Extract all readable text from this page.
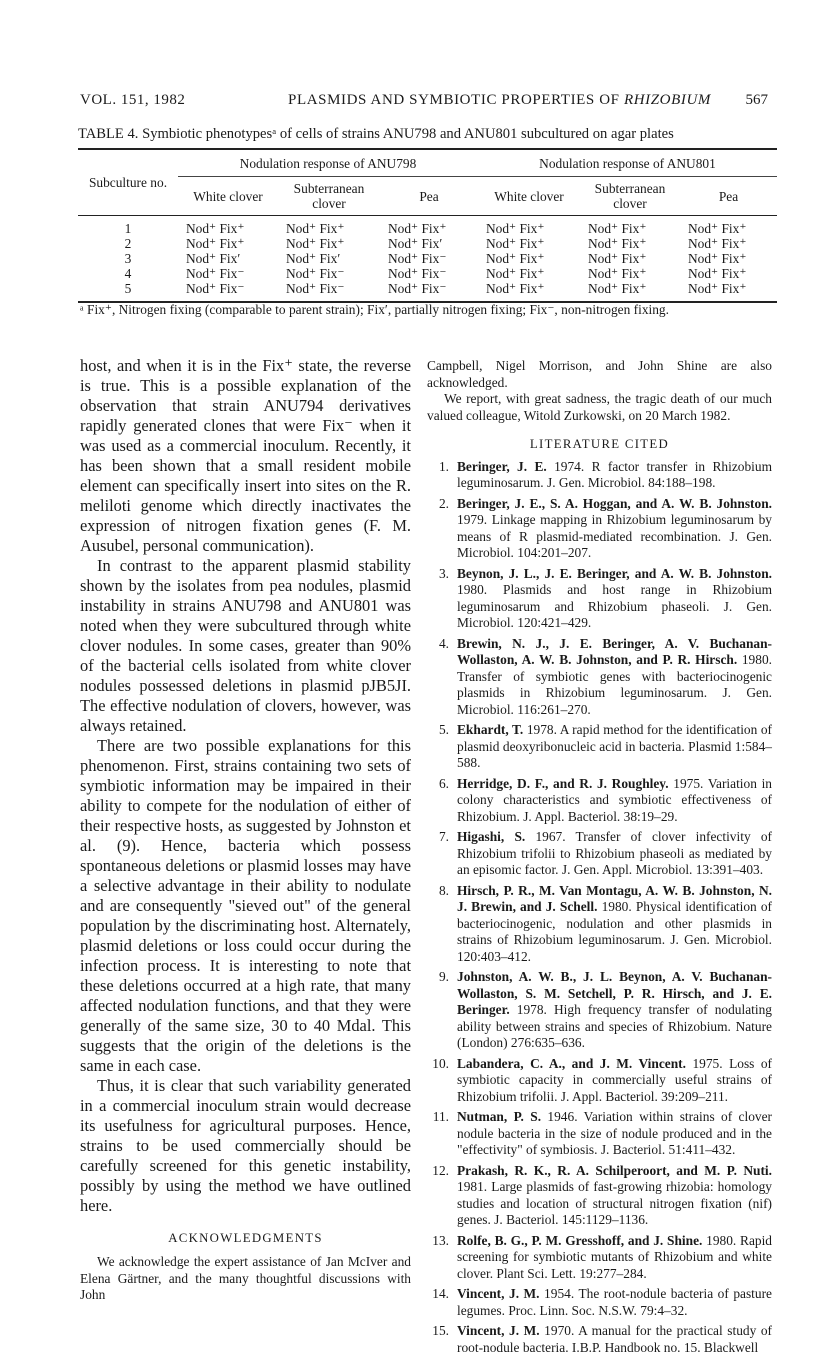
VOL. 151, 1982	PLASMIDS AND SYMBIOTIC PROPERTIES OF RHIZOBIUM 567
TABLE 4. Symbiotic phenotypesᵃ of cells of strains ANU798 and ANU801 subcultured on agar plates
Subculture no.	Nodulation response of ANU798			Nodulation response of ANU801		
	White clover	Subterranean clover	Pea	White clover	Subterranean clover	Pea
1	Nod⁺ Fix⁺	Nod⁺ Fix⁺	Nod⁺ Fix⁺	Nod⁺ Fix⁺	Nod⁺ Fix⁺	Nod⁺ Fix⁺
2	Nod⁺ Fix⁺	Nod⁺ Fix⁺	Nod⁺ Fix′	Nod⁺ Fix⁺	Nod⁺ Fix⁺	Nod⁺ Fix⁺
3	Nod⁺ Fix′	Nod⁺ Fix′	Nod⁺ Fix⁻	Nod⁺ Fix⁺	Nod⁺ Fix⁺	Nod⁺ Fix⁺
4	Nod⁺ Fix⁻	Nod⁺ Fix⁻	Nod⁺ Fix⁻	Nod⁺ Fix⁺	Nod⁺ Fix⁺	Nod⁺ Fix⁺
5	Nod⁺ Fix⁻	Nod⁺ Fix⁻	Nod⁺ Fix⁻	Nod⁺ Fix⁺	Nod⁺ Fix⁺	Nod⁺ Fix⁺
ᵃ Fix⁺, Nitrogen fixing (comparable to parent strain); Fix′, partially nitrogen fixing; Fix⁻, non-nitrogen fixing.

host, and when it is in the Fix⁺ state, the reverse is true. This is a possible explanation of the observation that strain ANU794 derivatives rapidly generated clones that were Fix⁻ when it was used as a commercial inoculum. Recently, it has been shown that a small resident mobile element can specifically insert into sites on the R. meliloti genome which directly inactivates the expression of nitrogen fixation genes (F. M. Ausubel, personal communication).

In contrast to the apparent plasmid stability shown by the isolates from pea nodules, plasmid instability in strains ANU798 and ANU801 was noted when they were subcultured through white clover nodules. In some cases, greater than 90% of the bacterial cells isolated from white clover nodules possessed deletions in plasmid pJB5JI. The effective nodulation of clovers, however, was always retained.

There are two possible explanations for this phenomenon. First, strains containing two sets of symbiotic information may be impaired in their ability to compete for the nodulation of either of their respective hosts, as suggested by Johnston et al. (9). Hence, bacteria which possess spontaneous deletions or plasmid losses may have a selective advantage in their ability to nodulate and are consequently "sieved out" of the general population by the discriminating host. Alternately, plasmid deletions or loss could occur during the infection process. It is interesting to note that these deletions occurred at a high rate, that many affected nodulation functions, and that they were generally of the same size, 30 to 40 Mdal. This suggests that the origin of the deletions is the same in each case.

Thus, it is clear that such variability generated in a commercial inoculum strain would decrease its usefulness for agricultural purposes. Hence, strains to be used commercially should be carefully screened for this genetic instability, possibly by using the method we have outlined here.

ACKNOWLEDGMENTS

We acknowledge the expert assistance of Jan McIver and Elena Gärtner, and the many thoughtful discussions with John

Campbell, Nigel Morrison, and John Shine are also acknowledged.

We report, with great sadness, the tragic death of our much valued colleague, Witold Zurkowski, on 20 March 1982.

LITERATURE CITED
1. Beringer, J. E. 1974. R factor transfer in Rhizobium leguminosarum. J. Gen. Microbiol. 84:188–198.
2. Beringer, J. E., S. A. Hoggan, and A. W. B. Johnston. 1979. Linkage mapping in Rhizobium leguminosarum by means of R plasmid-mediated recombination. J. Gen. Microbiol. 104:201–207.
3. Beynon, J. L., J. E. Beringer, and A. W. B. Johnston. 1980. Plasmids and host range in Rhizobium leguminosarum and Rhizobium phaseoli. J. Gen. Microbiol. 120:421–429.
4. Brewin, N. J., J. E. Beringer, A. V. Buchanan-Wollaston, A. W. B. Johnston, and P. R. Hirsch. 1980. Transfer of symbiotic genes with bacteriocinogenic plasmids in Rhizobium leguminosarum. J. Gen. Microbiol. 116:261–270.
5. Ekhardt, T. 1978. A rapid method for the identification of plasmid deoxyribonucleic acid in bacteria. Plasmid 1:584–588.
6. Herridge, D. F., and R. J. Roughley. 1975. Variation in colony characteristics and symbiotic effectiveness of Rhizobium. J. Appl. Bacteriol. 38:19–29.
7. Higashi, S. 1967. Transfer of clover infectivity of Rhizobium trifolii to Rhizobium phaseoli as mediated by an episomic factor. J. Gen. Appl. Microbiol. 13:391–403.
8. Hirsch, P. R., M. Van Montagu, A. W. B. Johnston, N. J. Brewin, and J. Schell. 1980. Physical identification of bacteriocinogenic, nodulation and other plasmids in strains of Rhizobium leguminosarum. J. Gen. Microbiol. 120:403–412.
9. Johnston, A. W. B., J. L. Beynon, A. V. Buchanan-Wollaston, S. M. Setchell, P. R. Hirsch, and J. E. Beringer. 1978. High frequency transfer of nodulating ability between strains and species of Rhizobium. Nature (London) 276:635–636.
10. Labandera, C. A., and J. M. Vincent. 1975. Loss of symbiotic capacity in commercially useful strains of Rhizobium trifolii. J. Appl. Bacteriol. 39:209–211.
11. Nutman, P. S. 1946. Variation within strains of clover nodule bacteria in the size of nodule produced and in the "effectivity" of symbiosis. J. Bacteriol. 51:411–432.
12. Prakash, R. K., R. A. Schilperoort, and M. P. Nuti. 1981. Large plasmids of fast-growing rhizobia: homology studies and location of structural nitrogen fixation (nif) genes. J. Bacteriol. 145:1129–1136.
13. Rolfe, B. G., P. M. Gresshoff, and J. Shine. 1980. Rapid screening for symbiotic mutants of Rhizobium and white clover. Plant Sci. Lett. 19:277–284.
14. Vincent, J. M. 1954. The root-nodule bacteria of pasture legumes. Proc. Linn. Soc. N.S.W. 79:4–32.
15. Vincent, J. M. 1970. A manual for the practical study of root-nodule bacteria. I.B.P. Handbook no. 15. Blackwell
